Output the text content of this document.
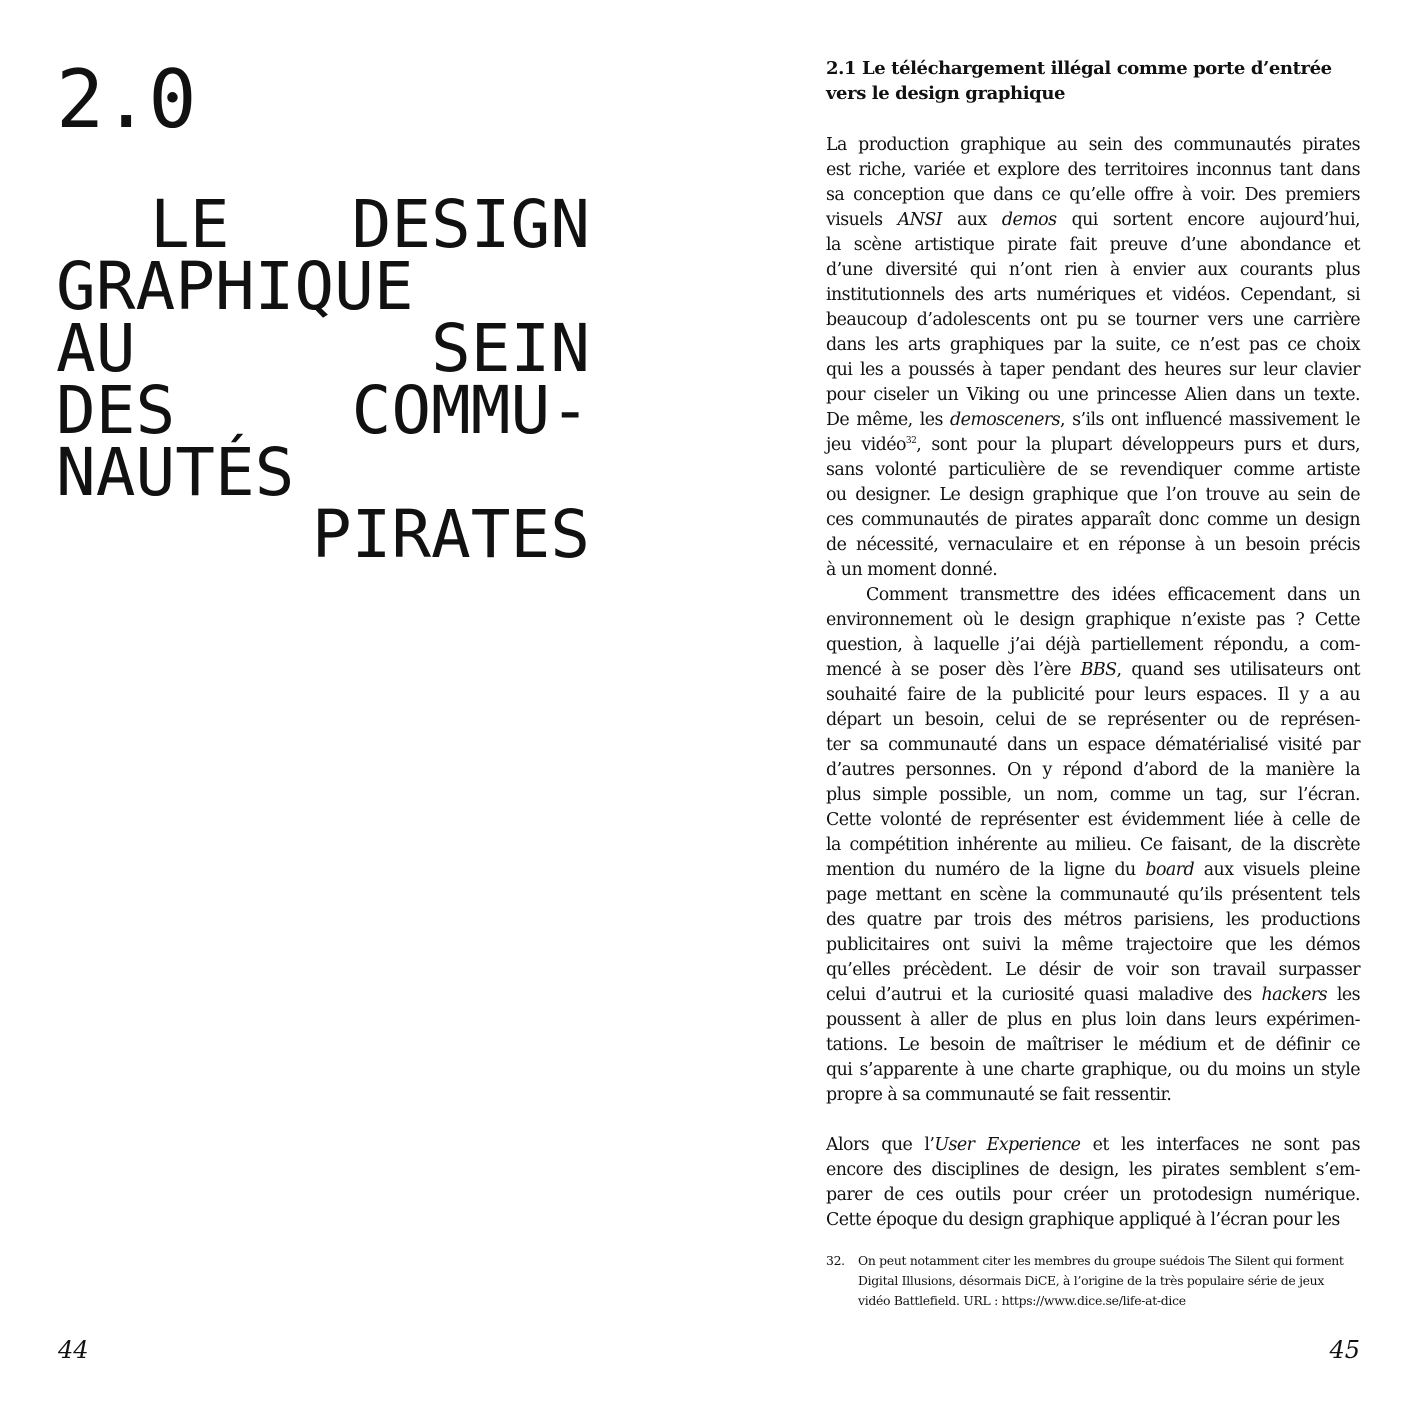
2.0
LE DESIGN
GRAPHIQUE
AU	SEIN
DES	COMMU-
NAUTÉS
PIRATES
44
2.1 Le téléchargement illégal comme porte d’entrée vers le design graphique

La production graphique au sein des communautés pirates
est riche, variée et explore des territoires inconnus tant dans
sa conception que dans ce qu’elle offre à voir. Des premiers
visuels ANSI aux demos qui sortent encore aujourd’hui,
la scène artistique pirate fait preuve d’une abondance et
d’une diversité qui n’ont rien à envier aux courants plus
institutionnels des arts numériques et vidéos. Cependant, si
beaucoup d’adolescents ont pu se tourner vers une carrière
dans les arts graphiques par la suite, ce n’est pas ce choix
qui les a poussés à taper pendant des heures sur leur clavier
pour ciseler un Viking ou une princesse Alien dans un texte.
De même, les demosceners, s’ils ont influencé massivement le
jeu vidéo$^{32}$, sont pour la plupart développeurs purs et durs,
sans volonté particulière de se revendiquer comme artiste
ou designer. Le design graphique que l’on trouve au sein de
ces communautés de pirates apparaît donc comme un design
de nécessité, vernaculaire et en réponse à un besoin précis
à un moment donné.

Comment transmettre des idées efficacement dans un
environnement où le design graphique n’existe pas ? Cette
question, à laquelle j’ai déjà partiellement répondu, a com-
mencé à se poser dès l’ère BBS, quand ses utilisateurs ont
souhaité faire de la publicité pour leurs espaces. Il y a au
départ un besoin, celui de se représenter ou de représen-
ter sa communauté dans un espace dématérialisé visité par
d’autres personnes. On y répond d’abord de la manière la
plus simple possible, un nom, comme un tag, sur l’écran.
Cette volonté de représenter est évidemment liée à celle de
la compétition inhérente au milieu. Ce faisant, de la discrète
mention du numéro de la ligne du board aux visuels pleine
page mettant en scène la communauté qu’ils présentent tels
des quatre par trois des métros parisiens, les productions
publicitaires ont suivi la même trajectoire que les démos
qu’elles précèdent. Le désir de voir son travail surpasser
celui d’autrui et la curiosité quasi maladive des hackers les
poussent à aller de plus en plus loin dans leurs expérimen-
tations. Le besoin de maîtriser le médium et de définir ce
qui s’apparente à une charte graphique, ou du moins un style
propre à sa communauté se fait ressentir.

Alors que l’User Experience et les interfaces ne sont pas
encore des disciplines de design, les pirates semblent s’em-
parer de ces outils pour créer un protodesign numérique.
Cette époque du design graphique appliqué à l’écran pour les

32.	On peut notamment citer les membres du groupe suédois The Silent qui forment
Digital Illusions, désormais DiCE, à l’origine de la très populaire série de jeux
vidéo Battlefield. URL : https://www.dice.se/life-at-dice
45
